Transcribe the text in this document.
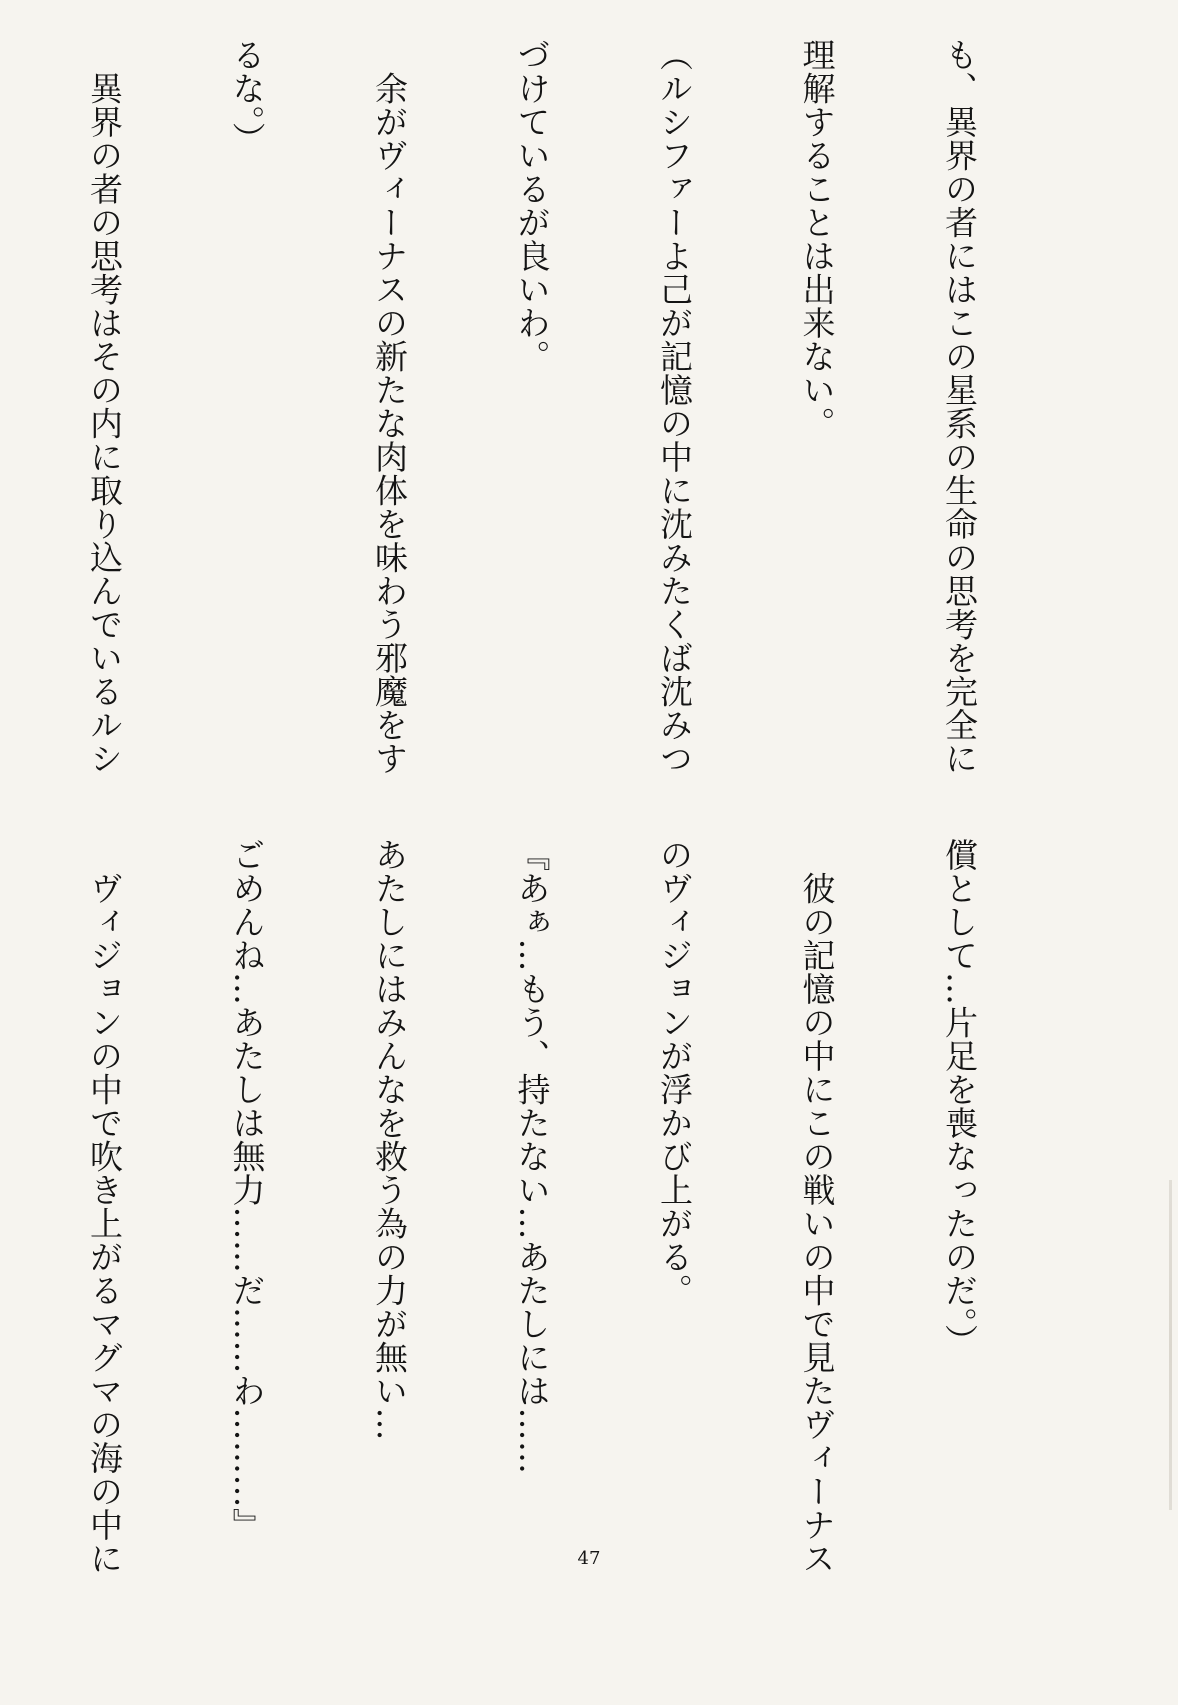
も、異界の者にはこの星系の生命の思考を完全に

理解することは出来ない。

（ルシファーよ己が記憶の中に沈みたくば沈みつ

づけているが良いわ。

　余がヴィーナスの新たな肉体を味わう邪魔をす

るな。）

　異界の者の思考はその内に取り込んでいるルシ

償として…片足を喪なったのだ。）

　彼の記憶の中にこの戦いの中で見たヴィーナス

のヴィジョンが浮かび上がる。

『あぁ…もう、持たない…あたしには……

あたしにはみんなを救う為の力が無い…

ごめんね…あたしは無力……だ……わ………』

　ヴィジョンの中で吹き上がるマグマの海の中に

	47
